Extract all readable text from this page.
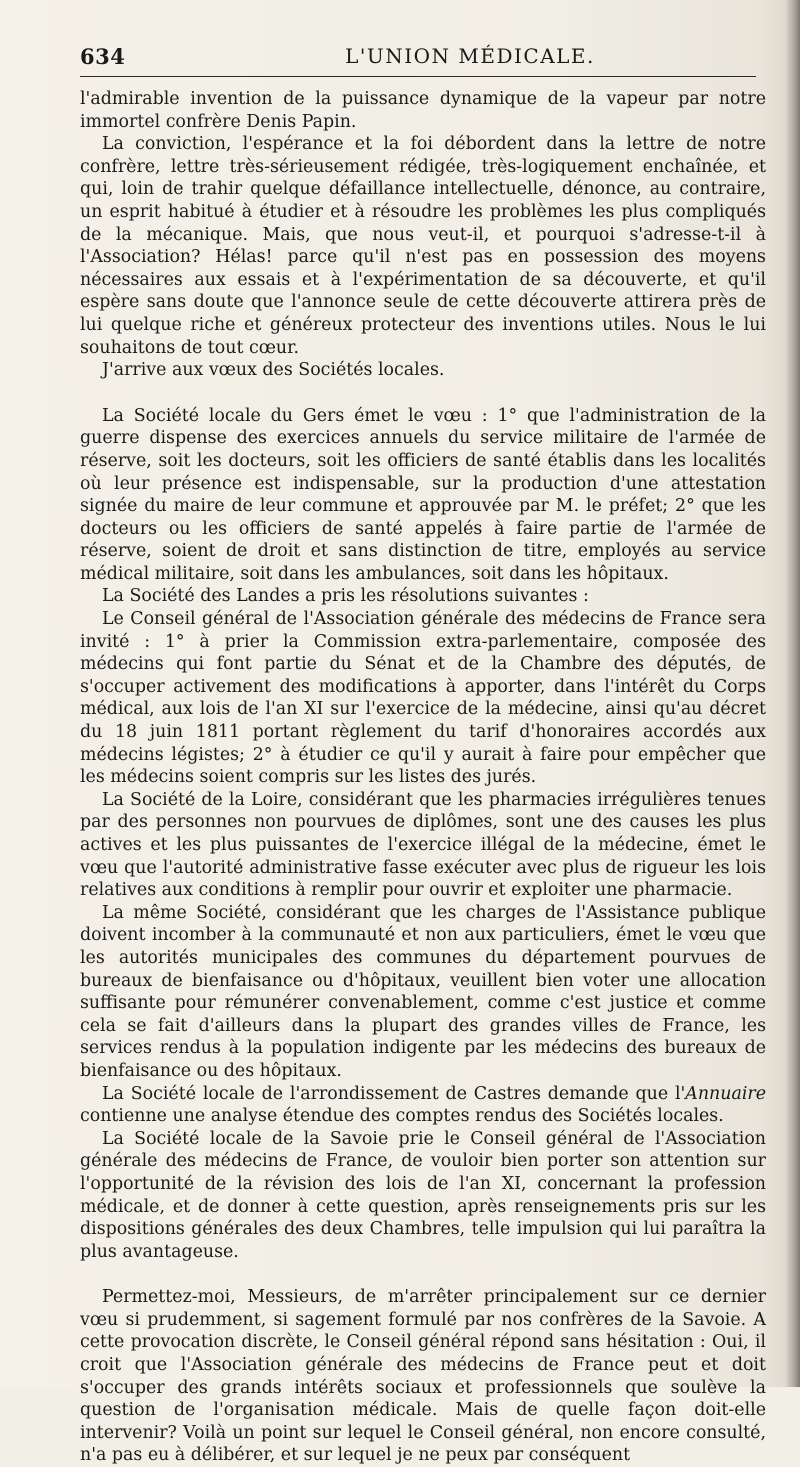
634	L'UNION MÉDICALE.

l'admirable invention de la puissance dynamique de la vapeur par notre immortel confrère Denis Papin.

La conviction, l'espérance et la foi débordent dans la lettre de notre confrère, lettre très-sérieusement rédigée, très-logiquement enchaînée, et qui, loin de trahir quelque défaillance intellectuelle, dénonce, au contraire, un esprit habitué à étudier et à résoudre les problèmes les plus compliqués de la mécanique. Mais, que nous veut-il, et pourquoi s'adresse-t-il à l'Association? Hélas! parce qu'il n'est pas en possession des moyens nécessaires aux essais et à l'expérimentation de sa découverte, et qu'il espère sans doute que l'annonce seule de cette découverte attirera près de lui quelque riche et généreux protecteur des inventions utiles. Nous le lui souhaitons de tout cœur.

J'arrive aux vœux des Sociétés locales.

La Société locale du Gers émet le vœu : 1° que l'administration de la guerre dispense des exercices annuels du service militaire de l'armée de réserve, soit les docteurs, soit les officiers de santé établis dans les localités où leur présence est indispensable, sur la production d'une attestation signée du maire de leur commune et approuvée par M. le préfet; 2° que les docteurs ou les officiers de santé appelés à faire partie de l'armée de réserve, soient de droit et sans distinction de titre, employés au service médical militaire, soit dans les ambulances, soit dans les hôpitaux.

La Société des Landes a pris les résolutions suivantes :

Le Conseil général de l'Association générale des médecins de France sera invité : 1° à prier la Commission extra-parlementaire, composée des médecins qui font partie du Sénat et de la Chambre des députés, de s'occuper activement des modifications à apporter, dans l'intérêt du Corps médical, aux lois de l'an XI sur l'exercice de la médecine, ainsi qu'au décret du 18 juin 1811 portant règlement du tarif d'honoraires accordés aux médecins légistes; 2° à étudier ce qu'il y aurait à faire pour empêcher que les médecins soient compris sur les listes des jurés.

La Société de la Loire, considérant que les pharmacies irrégulières tenues par des personnes non pourvues de diplômes, sont une des causes les plus actives et les plus puissantes de l'exercice illégal de la médecine, émet le vœu que l'autorité administrative fasse exécuter avec plus de rigueur les lois relatives aux conditions à remplir pour ouvrir et exploiter une pharmacie.

La même Société, considérant que les charges de l'Assistance publique doivent incomber à la communauté et non aux particuliers, émet le vœu que les autorités municipales des communes du département pourvues de bureaux de bienfaisance ou d'hôpitaux, veuillent bien voter une allocation suffisante pour rémunérer convenablement, comme c'est justice et comme cela se fait d'ailleurs dans la plupart des grandes villes de France, les services rendus à la population indigente par les médecins des bureaux de bienfaisance ou des hôpitaux.

La Société locale de l'arrondissement de Castres demande que l'Annuaire contienne une analyse étendue des comptes rendus des Sociétés locales.

La Société locale de la Savoie prie le Conseil général de l'Association générale des médecins de France, de vouloir bien porter son attention sur l'opportunité de la révision des lois de l'an XI, concernant la profession médicale, et de donner à cette question, après renseignements pris sur les dispositions générales des deux Chambres, telle impulsion qui lui paraîtra la plus avantageuse.

Permettez-moi, Messieurs, de m'arrêter principalement sur ce dernier vœu si prudemment, si sagement formulé par nos confrères de la Savoie. A cette provocation discrète, le Conseil général répond sans hésitation : Oui, il croit que l'Association générale des médecins de France peut et doit s'occuper des grands intérêts sociaux et professionnels que soulève la question de l'organisation médicale. Mais de quelle façon doit-elle intervenir? Voilà un point sur lequel le Conseil général, non encore consulté, n'a pas eu à délibérer, et sur lequel je ne peux par conséquent
